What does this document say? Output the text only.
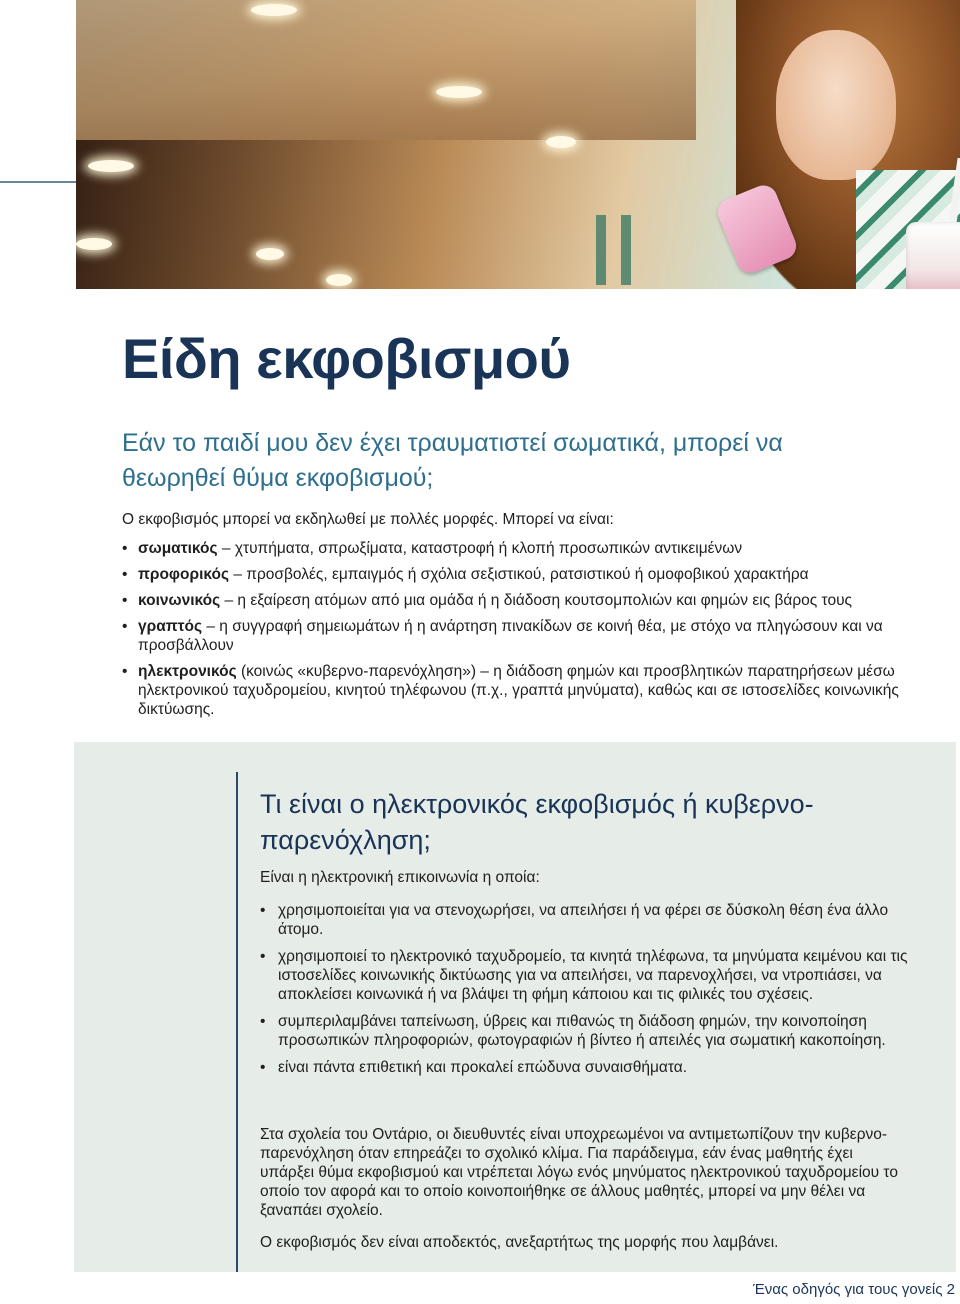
Είδη εκφοβισμού
Εάν το παιδί μου δεν έχει τραυματιστεί σωματικά, μπορεί να θεωρηθεί θύμα εκφοβισμού;

Ο εκφοβισμός μπορεί να εκδηλωθεί με πολλές μορφές. Μπορεί να είναι:

• σωματικός – χτυπήματα, σπρωξίματα, καταστροφή ή κλοπή προσωπικών αντικειμένων
• προφορικός – προσβολές, εμπαιγμός ή σχόλια σεξιστικού, ρατσιστικού ή ομοφοβικού χαρακτήρα
• κοινωνικός – η εξαίρεση ατόμων από μια ομάδα ή η διάδοση κουτσομπολιών και φημών εις βάρος τους
• γραπτός – η συγγραφή σημειωμάτων ή η ανάρτηση πινακίδων σε κοινή θέα, με στόχο να πληγώσουν και να προσβάλλουν
• ηλεκτρονικός (κοινώς «κυβερνο-παρενόχληση») – η διάδοση φημών και προσβλητικών παρατηρήσεων μέσω ηλεκτρονικού ταχυδρομείου, κινητού τηλέφωνου (π.χ., γραπτά μηνύματα), καθώς και σε ιστοσελίδες κοινωνικής δικτύωσης.
Τι είναι ο ηλεκτρονικός εκφοβισμός ή κυβερνο-παρενόχληση;

Είναι η ηλεκτρονική επικοινωνία η οποία:

• χρησιμοποιείται για να στενοχωρήσει, να απειλήσει ή να φέρει σε δύσκολη θέση ένα άλλο άτομο.
• χρησιμοποιεί το ηλεκτρονικό ταχυδρομείο, τα κινητά τηλέφωνα, τα μηνύματα κειμένου και τις ιστοσελίδες κοινωνικής δικτύωσης για να απειλήσει, να παρενοχλήσει, να ντροπιάσει, να αποκλείσει κοινωνικά ή να βλάψει τη φήμη κάποιου και τις φιλικές του σχέσεις.
• συμπεριλαμβάνει ταπείνωση, ύβρεις και πιθανώς τη διάδοση φημών, την κοινοποίηση προσωπικών πληροφοριών, φωτογραφιών ή βίντεο ή απειλές για σωματική κακοποίηση.
• είναι πάντα επιθετική και προκαλεί επώδυνα συναισθήματα.

Στα σχολεία του Οντάριο, οι διευθυντές είναι υποχρεωμένοι να αντιμετωπίζουν την κυβερνο-παρενόχληση όταν επηρεάζει το σχολικό κλίμα. Για παράδειγμα, εάν ένας μαθητής έχει υπάρξει θύμα εκφοβισμού και ντρέπεται λόγω ενός μηνύματος ηλεκτρονικού ταχυδρομείου το οποίο τον αφορά και το οποίο κοινοποιήθηκε σε άλλους μαθητές, μπορεί να μην θέλει να ξαναπάει σχολείο.

Ο εκφοβισμός δεν είναι αποδεκτός, ανεξαρτήτως της μορφής που λαμβάνει.

Ένας οδηγός για τους γονείς 2
